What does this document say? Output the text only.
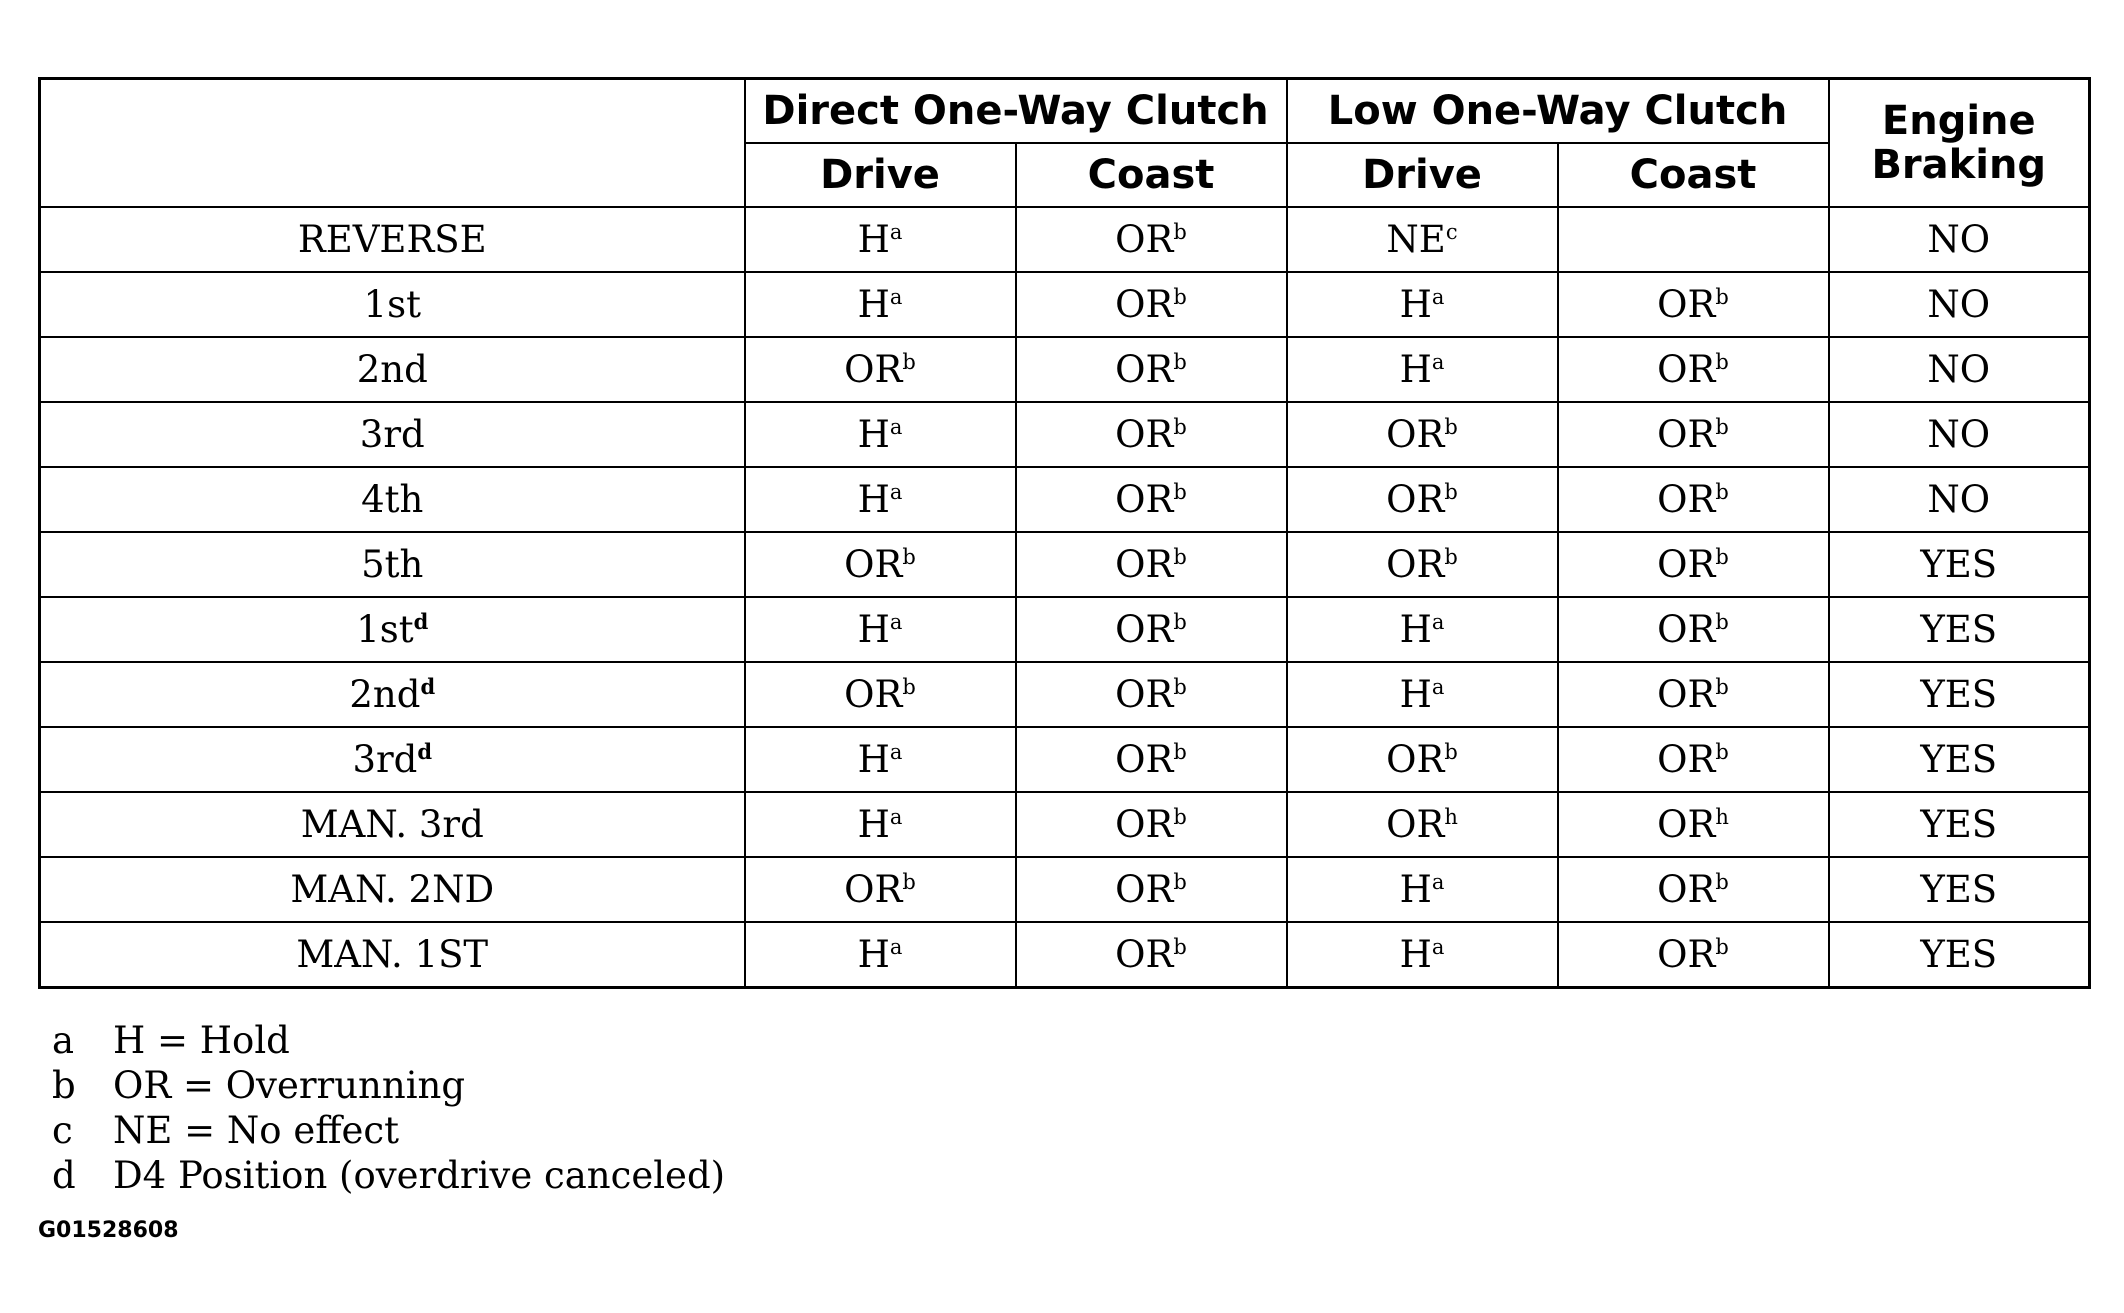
	Direct One-Way Clutch		Low One-Way Clutch		Engine
Braking
	Drive	Coast	Drive	Coast	
REVERSE	$H^a$	$OR^b$	$NE^c$		NO
1st	$H^a$	$OR^b$	$H^a$	$OR^b$	NO
2nd	$OR^b$	$OR^b$	$H^a$	$OR^b$	NO
3rd	$H^a$	$OR^b$	$OR^b$	$OR^b$	NO
4th	$H^a$	$OR^b$	$OR^b$	$OR^b$	NO
5th	$OR^b$	$OR^b$	$OR^b$	$OR^b$	YES
$1st^d$	$H^a$	$OR^b$	$H^a$	$OR^b$	YES
$2nd^d$	$OR^b$	$OR^b$	$H^a$	$OR^b$	YES
$3rd^d$	$H^a$	$OR^b$	$OR^b$	$OR^b$	YES
MAN. 3rd	$H^a$	$OR^b$	$OR^h$	$OR^h$	YES
MAN. 2ND	$OR^b$	$OR^b$	$H^a$	$OR^b$	YES
MAN. 1ST	$H^a$	$OR^b$	$H^a$	$OR^b$	YES
a	H = Hold
b	OR = Overrunning
c	NE = No effect
d	D4 Position (overdrive canceled)
G01528608
